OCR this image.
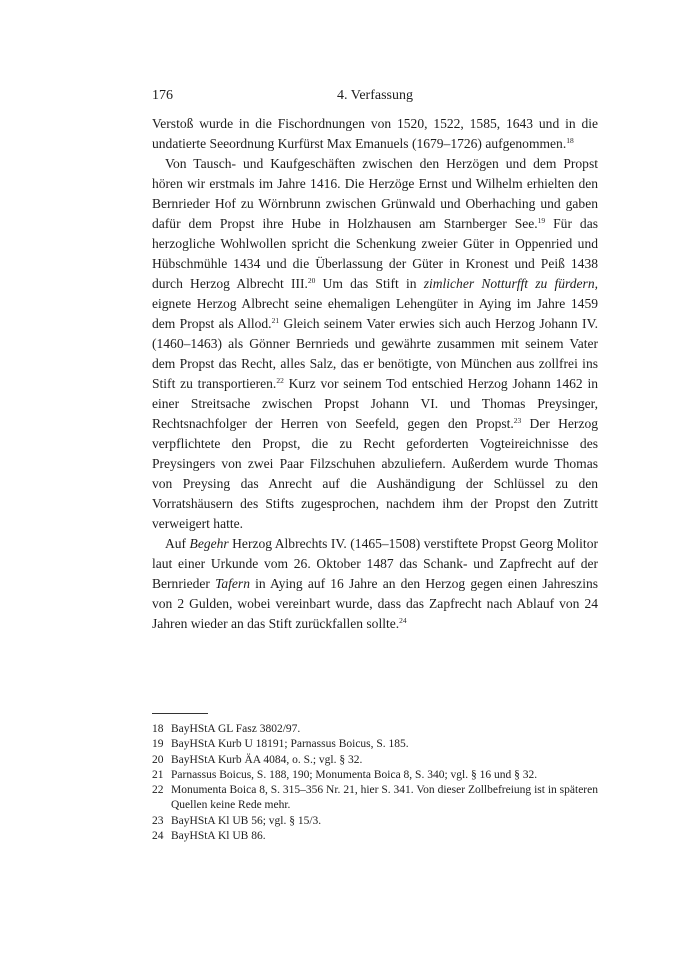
176	4. Verfassung

Verstoß wurde in die Fischordnungen von 1520, 1522, 1585, 1643 und in die undatierte Seeordnung Kurfürst Max Emanuels (1679–1726) aufgenommen.$^{18}$

Von Tausch- und Kaufgeschäften zwischen den Herzögen und dem Propst hören wir erstmals im Jahre 1416. Die Herzöge Ernst und Wilhelm erhielten den Bernrieder Hof zu Wörnbrunn zwischen Grünwald und Oberhaching und gaben dafür dem Propst ihre Hube in Holzhausen am Starnberger See.$^{19}$ Für das herzogliche Wohlwollen spricht die Schenkung zweier Güter in Oppenried und Hübschmühle 1434 und die Überlassung der Güter in Kronest und Peiß 1438 durch Herzog Albrecht III.$^{20}$ Um das Stift in zimlicher Notturfft zu fürdern, eignete Herzog Albrecht seine ehemaligen Lehengüter in Aying im Jahre 1459 dem Propst als Allod.$^{21}$ Gleich seinem Vater erwies sich auch Herzog Johann IV. (1460–1463) als Gönner Bernrieds und gewährte zusammen mit seinem Vater dem Propst das Recht, alles Salz, das er benötigte, von München aus zollfrei ins Stift zu transportieren.$^{22}$ Kurz vor seinem Tod entschied Herzog Johann 1462 in einer Streitsache zwischen Propst Johann VI. und Thomas Preysinger, Rechtsnachfolger der Herren von Seefeld, gegen den Propst.$^{23}$ Der Herzog verpflichtete den Propst, die zu Recht geforderten Vogteireichnisse des Preysingers von zwei Paar Filzschuhen abzuliefern. Außerdem wurde Thomas von Preysing das Anrecht auf die Aushändigung der Schlüssel zu den Vorratshäusern des Stifts zugesprochen, nachdem ihm der Propst den Zutritt verweigert hatte.

Auf Begehr Herzog Albrechts IV. (1465–1508) verstiftete Propst Georg Molitor laut einer Urkunde vom 26. Oktober 1487 das Schank- und Zapfrecht auf der Bernrieder Tafern in Aying auf 16 Jahre an den Herzog gegen einen Jahreszins von 2 Gulden, wobei vereinbart wurde, dass das Zapfrecht nach Ablauf von 24 Jahren wieder an das Stift zurückfallen sollte.$^{24}$

18 BayHStA GL Fasz 3802/97.
19 BayHStA Kurb U 18191; Parnassus Boicus, S. 185.
20 BayHStA Kurb ÄA 4084, o. S.; vgl. § 32.
21 Parnassus Boicus, S. 188, 190; Monumenta Boica 8, S. 340; vgl. § 16 und § 32.
22 Monumenta Boica 8, S. 315–356 Nr. 21, hier S. 341. Von dieser Zollbefreiung ist in späteren Quellen keine Rede mehr.
23 BayHStA Kl UB 56; vgl. § 15/3.
24 BayHStA Kl UB 86.
